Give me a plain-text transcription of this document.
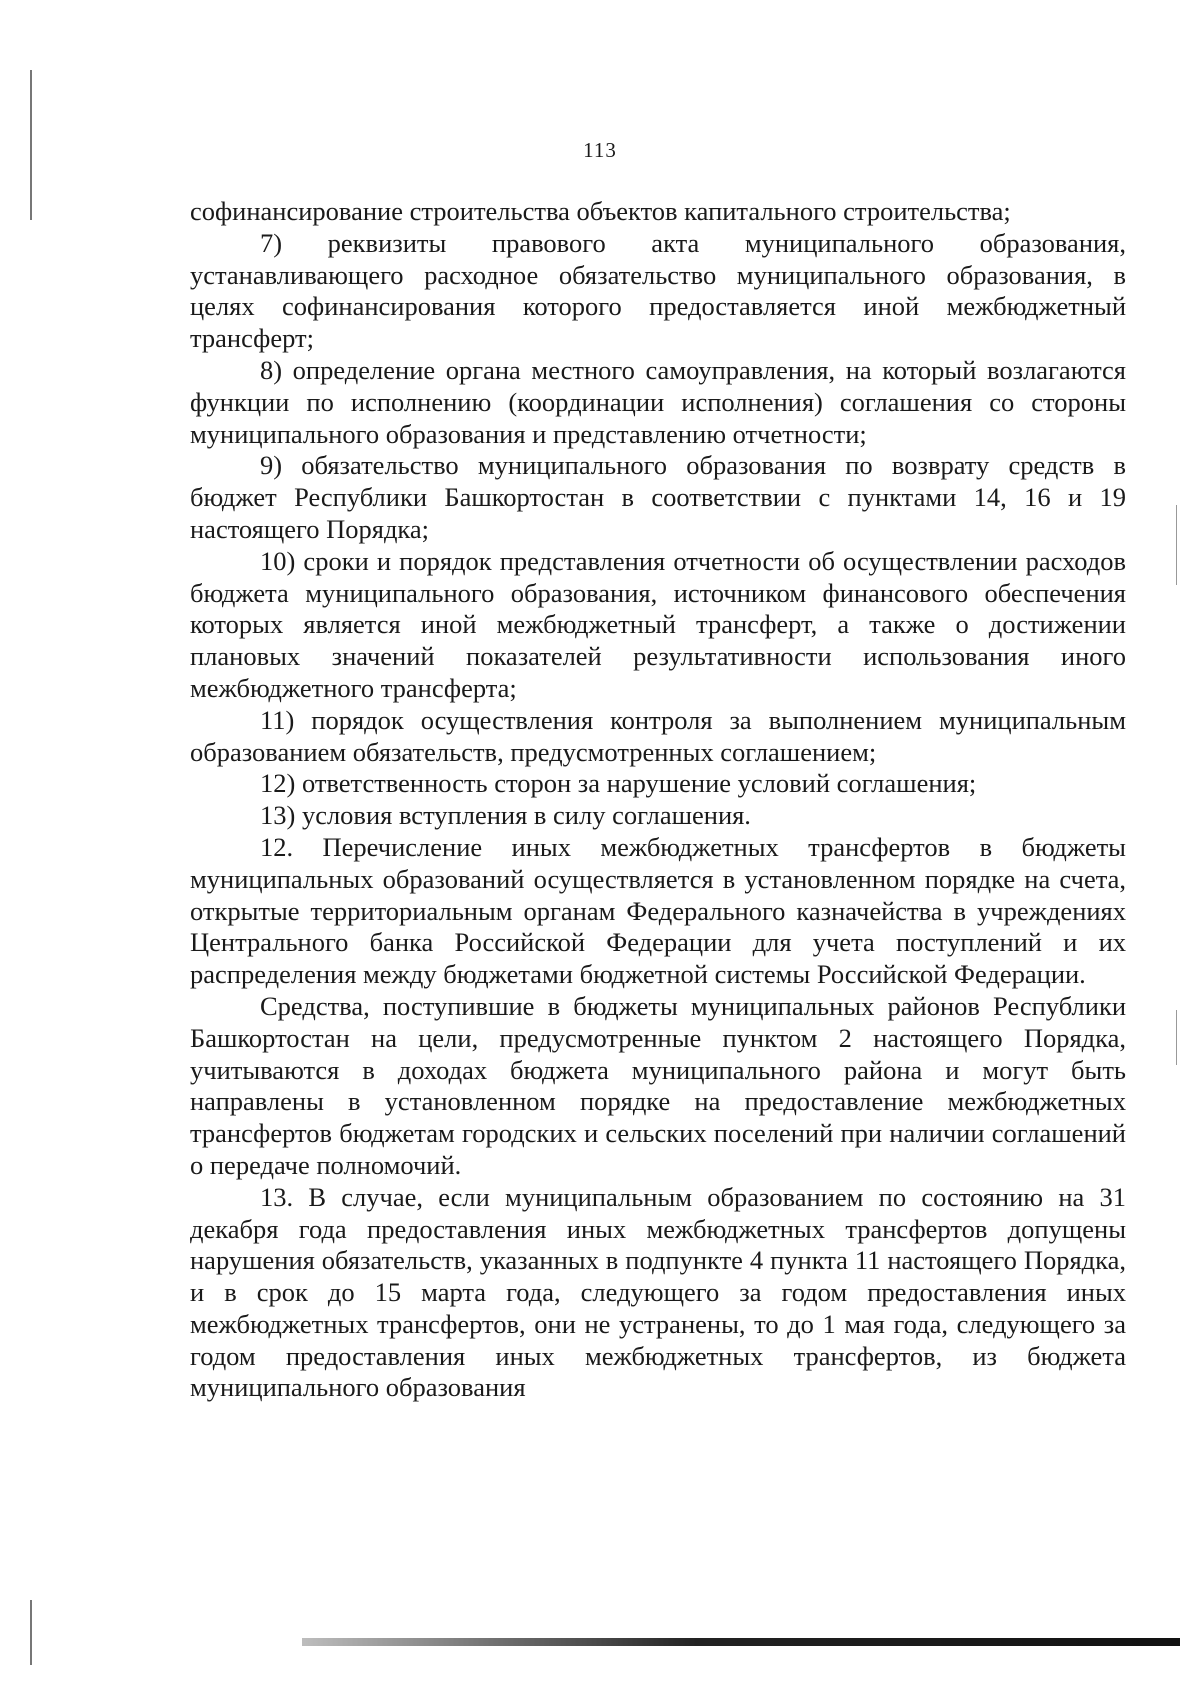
113

софинансирование строительства объектов капитального строительства;

7) реквизиты правового акта муниципального образования, устанавливающего расходное обязательство муниципального образования, в целях софинансирования которого предоставляется иной межбюджетный трансферт;

8) определение органа местного самоуправления, на который возлагаются функции по исполнению (координации исполнения) соглашения со стороны муниципального образования и представлению отчетности;

9) обязательство муниципального образования по возврату средств в бюджет Республики Башкортостан в соответствии с пунктами 14, 16 и 19 настоящего Порядка;

10) сроки и порядок представления отчетности об осуществлении расходов бюджета муниципального образования, источником финансового обеспечения которых является иной межбюджетный трансферт, а также о достижении плановых значений показателей результативности использования иного межбюджетного трансферта;

11) порядок осуществления контроля за выполнением муниципальным образованием обязательств, предусмотренных соглашением;

12) ответственность сторон за нарушение условий соглашения;

13) условия вступления в силу соглашения.

12. Перечисление иных межбюджетных трансфертов в бюджеты муниципальных образований осуществляется в установленном порядке на счета, открытые территориальным органам Федерального казначейства в учреждениях Центрального банка Российской Федерации для учета поступлений и их распределения между бюджетами бюджетной системы Российской Федерации.

Средства, поступившие в бюджеты муниципальных районов Республики Башкортостан на цели, предусмотренные пунктом 2 настоящего Порядка, учитываются в доходах бюджета муниципального района и могут быть направлены в установленном порядке на предоставление межбюджетных трансфертов бюджетам городских и сельских поселений при наличии соглашений о передаче полномочий.

13. В случае, если муниципальным образованием по состоянию на 31 декабря года предоставления иных межбюджетных трансфертов допущены нарушения обязательств, указанных в подпункте 4 пункта 11 настоящего Порядка, и в срок до 15 марта года, следующего за годом предоставления иных межбюджетных трансфертов, они не устранены, то до 1 мая года, следующего за годом предоставления иных межбюджетных трансфертов, из бюджета муниципального образования
